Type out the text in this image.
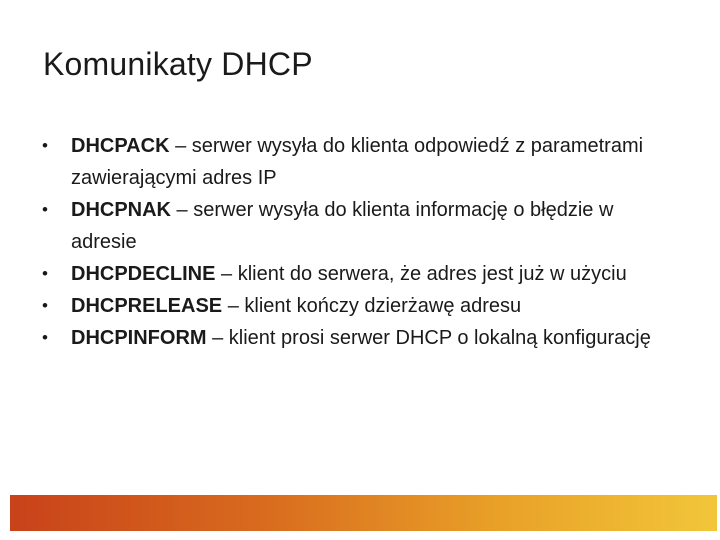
Komunikaty DHCP
•	DHCPACK – serwer wysyła do klienta odpowiedź z parametrami zawierającymi adres IP
•	DHCPNAK – serwer wysyła do klienta informację o błędzie w adresie
•	DHCPDECLINE – klient do serwera, że adres jest już w użyciu
•	DHCPRELEASE – klient kończy dzierżawę adresu
•	DHCPINFORM – klient prosi serwer DHCP o lokalną konfigurację
